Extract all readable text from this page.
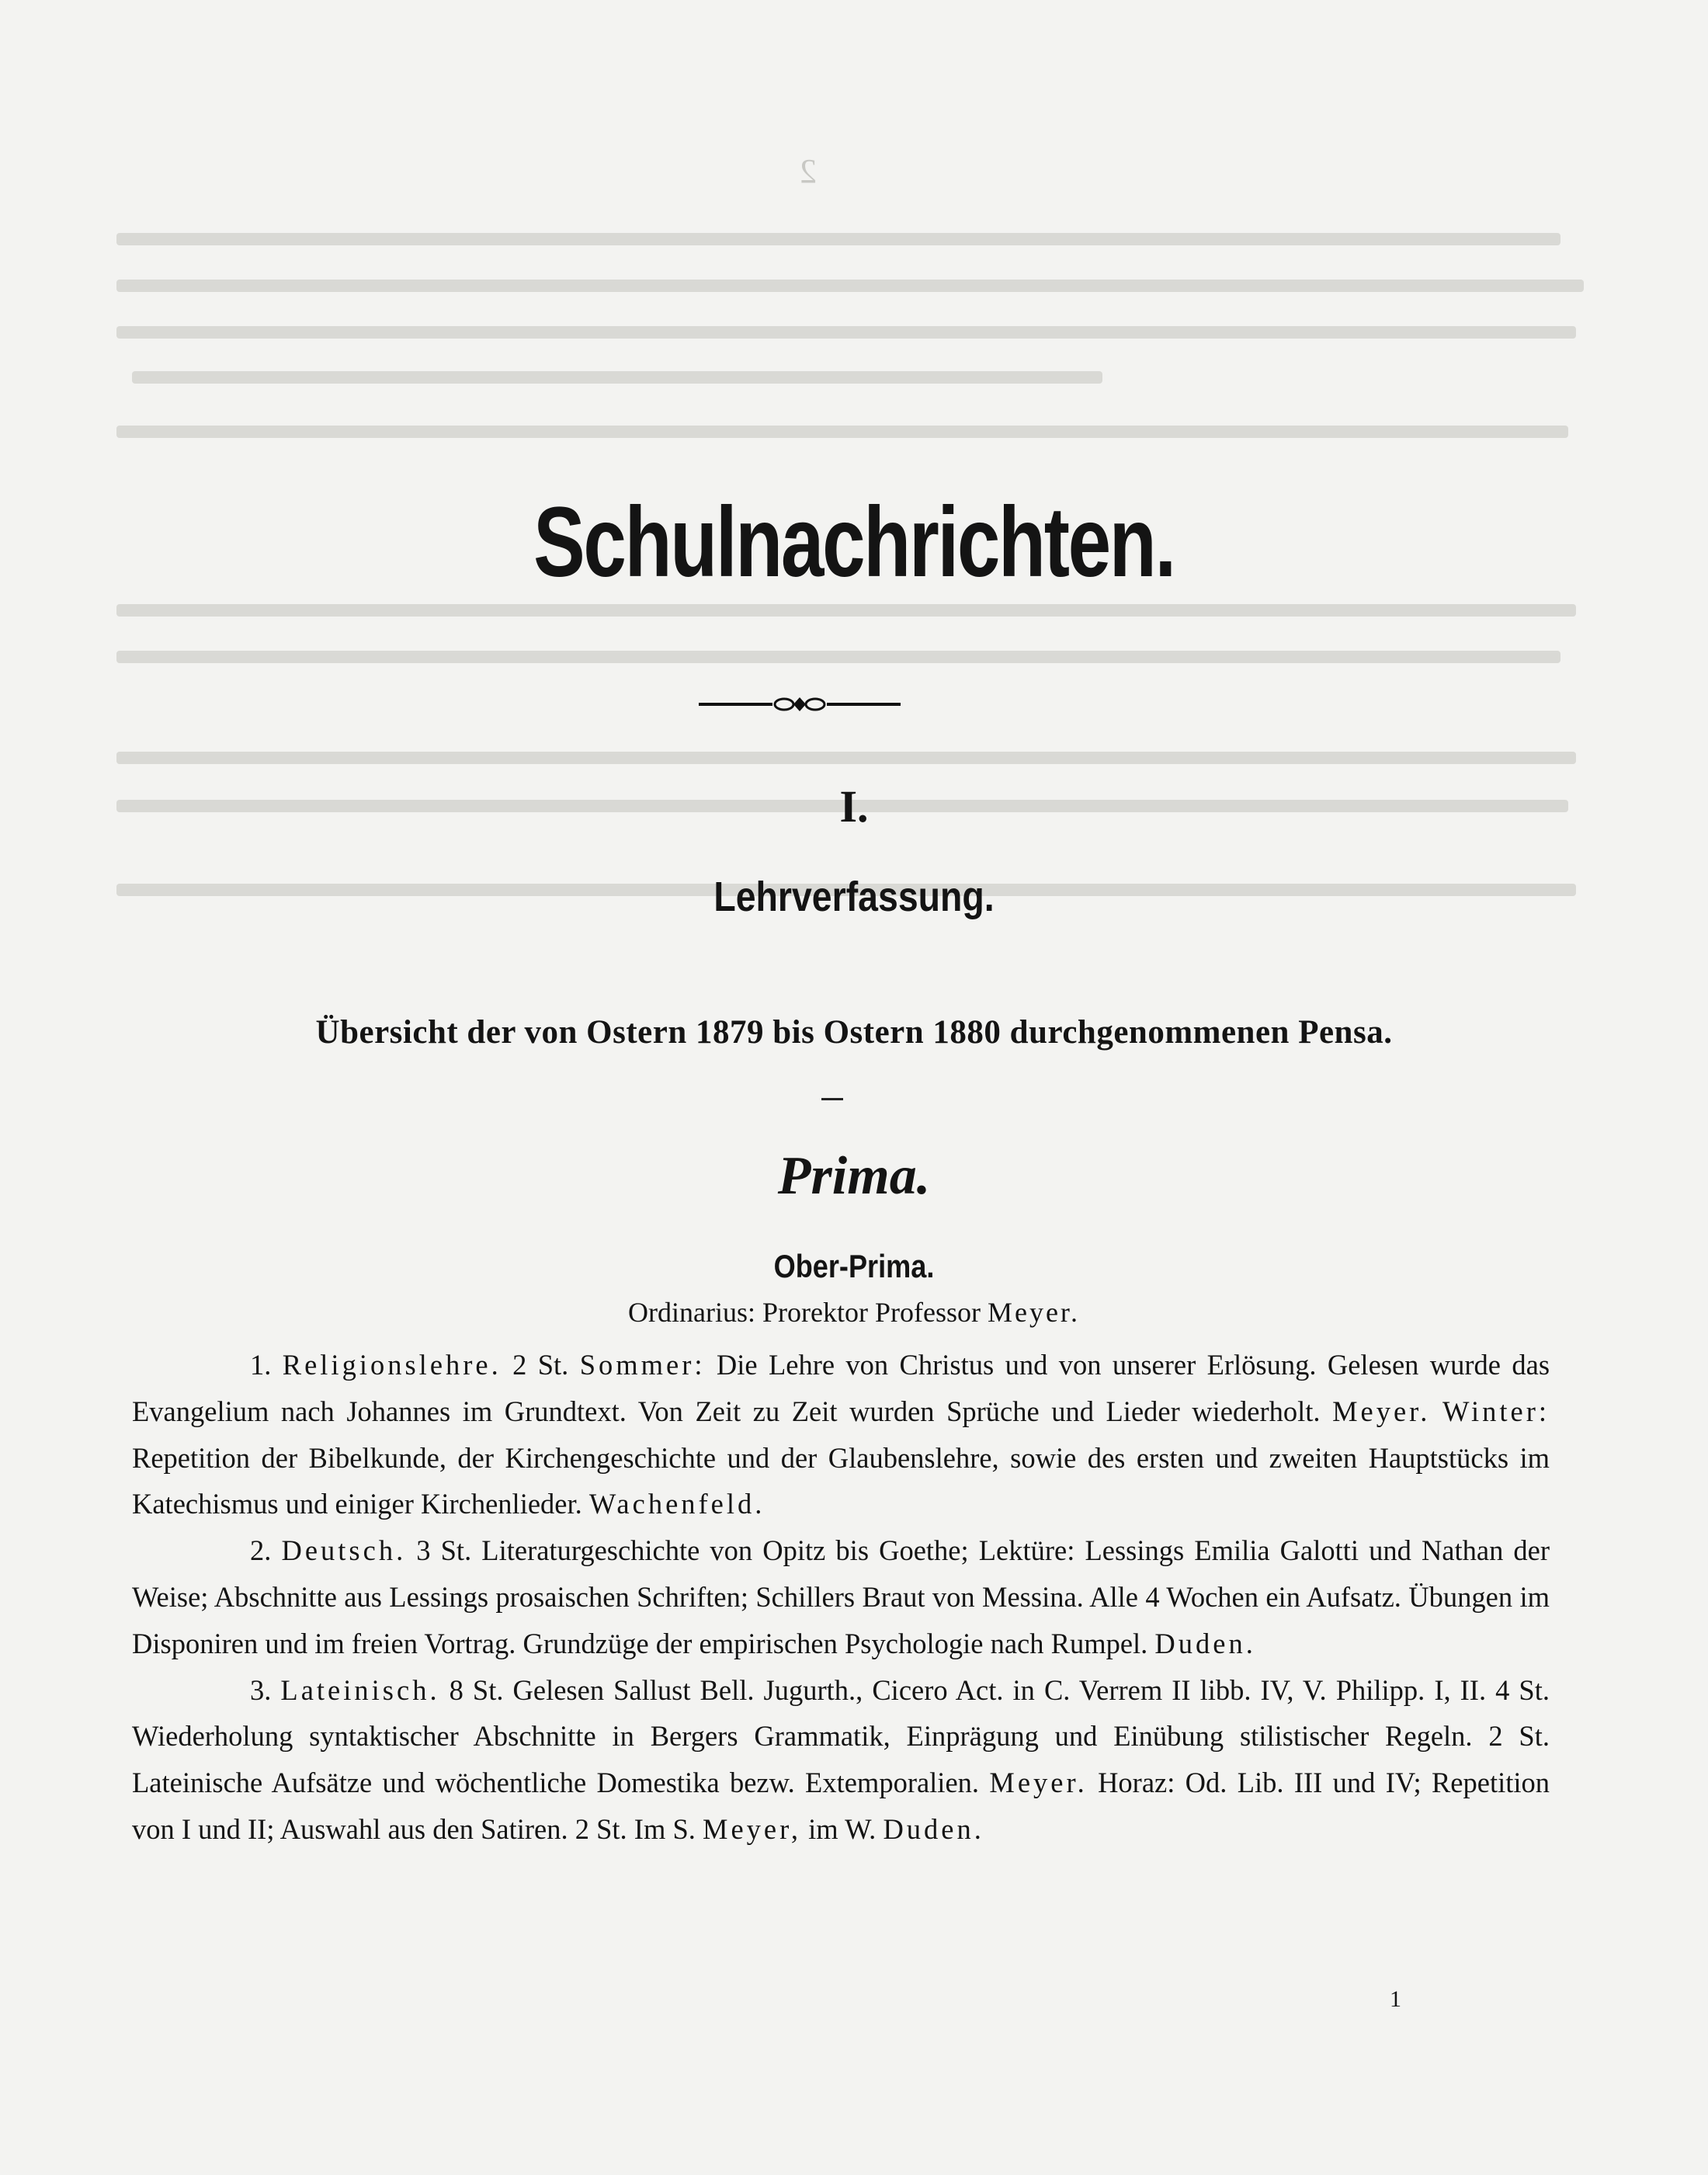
2
Schulnachrichten.
I.
Lehrverfassung.
Übersicht der von Ostern 1879 bis Ostern 1880 durchgenommenen Pensa.
Prima.
Ober-Prima.
Ordinarius: Prorektor Professor Meyer.

1. Religionslehre. 2 St. Sommer: Die Lehre von Christus und von unserer Erlösung. Gelesen wurde das Evangelium nach Johannes im Grundtext. Von Zeit zu Zeit wurden Sprüche und Lieder wiederholt. Meyer. Winter: Repetition der Bibelkunde, der Kirchengeschichte und der Glaubenslehre, sowie des ersten und zweiten Hauptstücks im Katechismus und einiger Kirchenlieder. Wachenfeld.

2. Deutsch. 3 St. Literaturgeschichte von Opitz bis Goethe; Lektüre: Lessings Emilia Galotti und Nathan der Weise; Abschnitte aus Lessings prosaischen Schriften; Schillers Braut von Messina. Alle 4 Wochen ein Aufsatz. Übungen im Disponiren und im freien Vortrag. Grundzüge der empirischen Psychologie nach Rumpel. Duden.

3. Lateinisch. 8 St. Gelesen Sallust Bell. Jugurth., Cicero Act. in C. Verrem II libb. IV, V. Philipp. I, II. 4 St. Wiederholung syntaktischer Abschnitte in Bergers Grammatik, Einprägung und Einübung stilistischer Regeln. 2 St. Lateinische Aufsätze und wöchentliche Domestika bezw. Extemporalien. Meyer. Horaz: Od. Lib. III und IV; Repetition von I und II; Auswahl aus den Satiren. 2 St. Im S. Meyer, im W. Duden.

1
